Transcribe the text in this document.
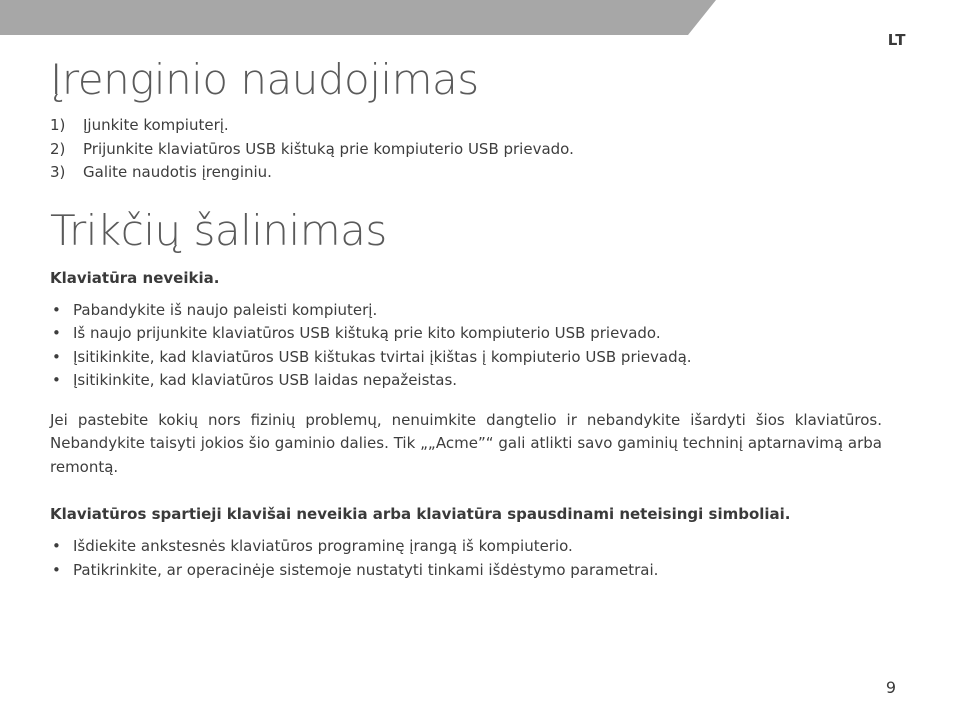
LT
Įrenginio naudojimas
1)	Įjunkite kompiuterį.
2)	Prijunkite klaviatūros USB kištuką prie kompiuterio USB prievado.
3)	Galite naudotis įrenginiu.
Trikčių šalinimas

Klaviatūra neveikia.

• Pabandykite iš naujo paleisti kompiuterį.
• Iš naujo prijunkite klaviatūros USB kištuką prie kito kompiuterio USB prievado.
• Įsitikinkite, kad klaviatūros USB kištukas tvirtai įkištas į kompiuterio USB prievadą.
• Įsitikinkite, kad klaviatūros USB laidas nepažeistas.

Jei pastebite kokių nors fizinių problemų, nenuimkite dangtelio ir nebandykite išardyti šios klaviatūros. Nebandykite taisyti jokios šio gaminio dalies. Tik „„Acme”“ gali atlikti savo gaminių techninį aptarnavimą arba remontą.

Klaviatūros spartieji klavišai neveikia arba klaviatūra spausdinami neteisingi simboliai.

• Išdiekite ankstesnės klaviatūros programinę įrangą iš kompiuterio.
• Patikrinkite, ar operacinėje sistemoje nustatyti tinkami išdėstymo parametrai.
9
